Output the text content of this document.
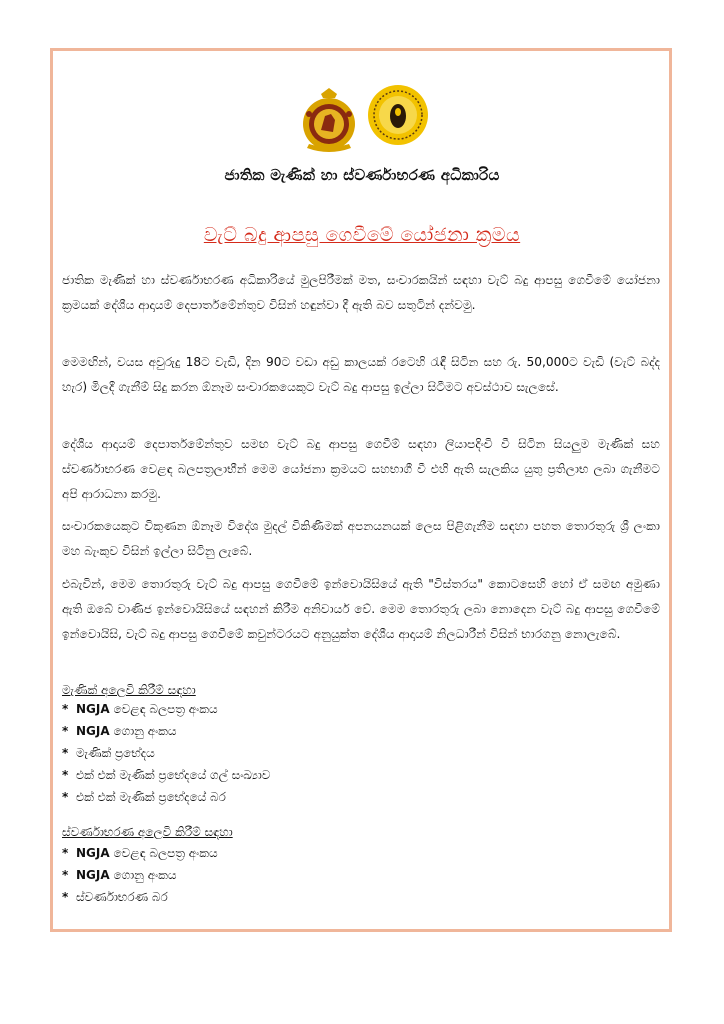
ජාතික මැණික් හා ස්වර්ණාභරණ අධිකාරිය
වැට් බදු ආපසු ගෙවීමේ යෝජනා ක්‍රමය

ජාතික මැණික් හා ස්වර්ණාභරණ අධිකාරියේ මුලපිරීමක් මත, සංචාරකයින් සඳහා වැට් බදු ආපසු ගෙවීමේ යෝජනා ක්‍රමයක් දේශීය ආදායම් දෙපාර්තමේන්තුව විසින් හඳුන්වා දී ඇති බව සතුටින් දන්වමු.

මෙමඟින්, වයස අවුරුදු 18ට වැඩි, දින 90ට වඩා අඩු කාලයක් රටෙහි රැඳී සිටින සහ රු. 50,000ට වැඩි (වැට් බද්ද හැර) මිලදී ගැනීම් සිදු කරන ඕනෑම සංචාරකයෙකුට වැට් බදු ආපසු ඉල්ලා සිටීමට අවස්ථාව සැලසේ.

දේශීය ආදායම් දෙපාර්තමේන්තුව සමඟ වැට් බදු ආපසු ගෙවීම් සඳහා ලියාපදිංචි වී සිටින සියලුම මැණික් සහ ස්වර්ණාභරණ වෙළඳ බලපත්‍රලාභීන් මෙම යෝජනා ක්‍රමයට සහභාගී වී එහි ඇති සැලකිය යුතු ප්‍රතිලාභ ලබා ගැනීමට අපි ආරාධනා කරමු.

සංචාරකයෙකුට විකුණන ඕනෑම විදේශ මුදල් විකිණීමක් අපනයනයක් ලෙස පිළිගැනීම සඳහා පහත තොරතුරු ශ්‍රී ලංකා මහ බැංකුව විසින් ඉල්ලා සිටිනු ලැබේ.

එබැවින්, මෙම තොරතුරු වැට් බදු ආපසු ගෙවීමේ ඉන්වොයිසියේ ඇති "විස්තරය" කොටසෙහි හෝ ඒ සමඟ අමුණා ඇති ඔබේ වාණිජ ඉන්වොයිසියේ සඳහන් කිරීම අනිවාර්ය වේ. මෙම තොරතුරු ලබා නොදෙන වැට් බදු ආපසු ගෙවීමේ ඉන්වොයිසි, වැට් බදු ආපසු ගෙවීමේ කවුන්ටරයට අනුයුක්ත දේශීය ආදායම් නිලධාරීන් විසින් භාරගනු නොලැබේ.

මැණික් අලෙවි කිරීම් සඳහා

* NGJA වෙළඳ බලපත්‍ර අංකය
* NGJA ගොනු අංකය
* මැණික් ප්‍රභේදය
* එක් එක් මැණික් ප්‍රභේදයේ ගල් සංඛ්‍යාව
* එක් එක් මැණික් ප්‍රභේදයේ බර

ස්වර්ණාභරණ අලෙවි කිරීම් සඳහා

* NGJA වෙළඳ බලපත්‍ර අංකය
* NGJA ගොනු අංකය
* ස්වර්ණාභරණ බර
